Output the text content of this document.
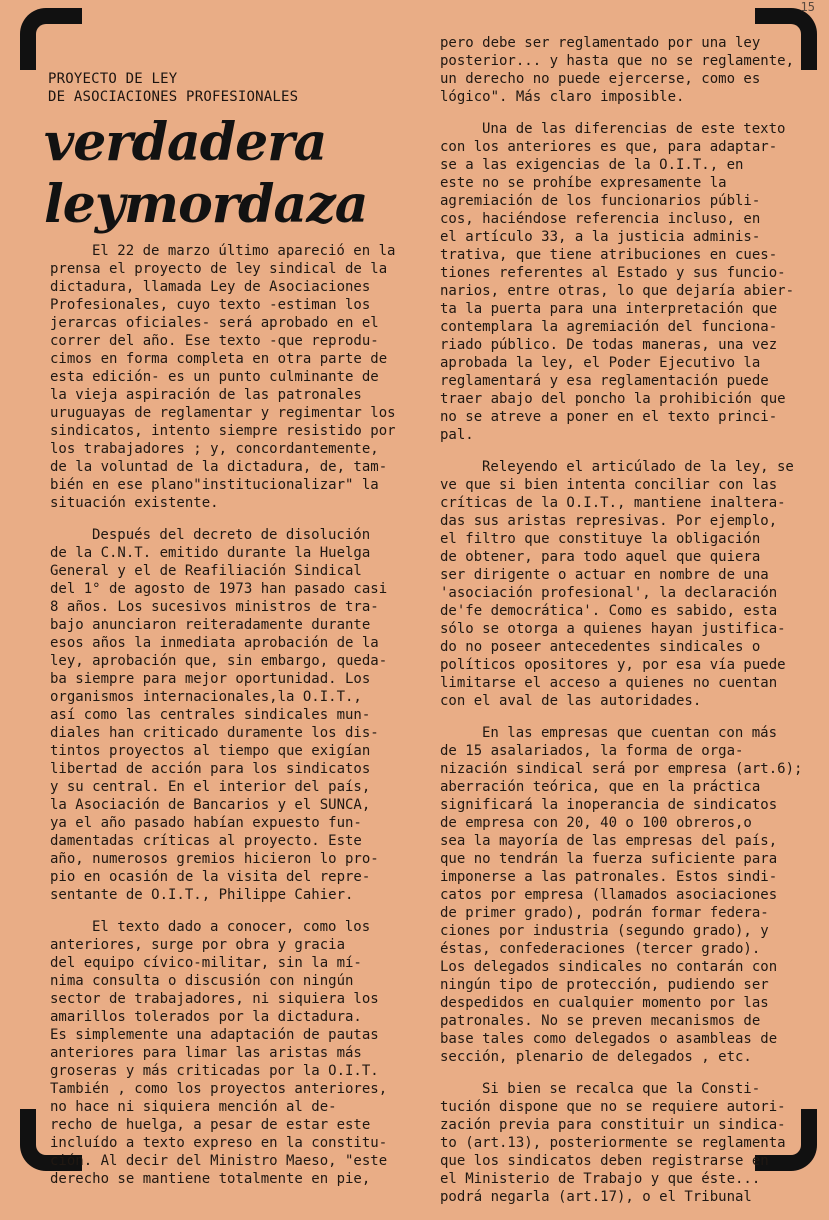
15
PROYECTO DE LEY
DE ASOCIACIONES PROFESIONALES
verdadera
leymordaza

El 22 de marzo último apareció en la
prensa el proyecto de ley sindical de la
dictadura, llamada Ley de Asociaciones
Profesionales, cuyo texto -estiman los
jerarcas oficiales- será aprobado en el
correr del año. Ese texto -que reprodu-
cimos en forma completa en otra parte de
esta edición- es un punto culminante de
la vieja aspiración de las patronales
uruguayas de reglamentar y regimentar los
sindicatos, intento siempre resistido por
los trabajadores ; y, concordantemente,
de la voluntad de la dictadura, de, tam-
bién en ese plano"institucionalizar" la
situación existente.

Después del decreto de disolución
de la C.N.T. emitido durante la Huelga
General y el de Reafiliación Sindical
del 1° de agosto de 1973 han pasado casi
8 años. Los sucesivos ministros de tra-
bajo anunciaron reiteradamente durante
esos años la inmediata aprobación de la
ley, aprobación que, sin embargo, queda-
ba siempre para mejor oportunidad. Los
organismos internacionales,la O.I.T.,
así como las centrales sindicales mun-
diales han criticado duramente los dis-
tintos proyectos al tiempo que exigían
libertad de acción para los sindicatos
y su central. En el interior del país,
la Asociación de Bancarios y el SUNCA,
ya el año pasado habían expuesto fun-
damentadas críticas al proyecto. Este
año, numerosos gremios hicieron lo pro-
pio en ocasión de la visita del repre-
sentante de O.I.T., Philippe Cahier.

El texto dado a conocer, como los
anteriores, surge por obra y gracia
del equipo cívico-militar, sin la mí-
nima consulta o discusión con ningún
sector de trabajadores, ni siquiera los
amarillos tolerados por la dictadura.
Es simplemente una adaptación de pautas
anteriores para limar las aristas más
groseras y más criticadas por la O.I.T.
También , como los proyectos anteriores,
no hace ni siquiera mención al de-
recho de huelga, a pesar de estar este
incluído a texto expreso en la constitu-
ción. Al decir del Ministro Maeso, "este
derecho se mantiene totalmente en pie,

pero debe ser reglamentado por una ley
posterior... y hasta que no se reglamente,
un derecho no puede ejercerse, como es
lógico". Más claro imposible.

Una de las diferencias de este texto
con los anteriores es que, para adaptar-
se a las exigencias de la O.I.T., en
este no se prohíbe expresamente la
agremiación de los funcionarios públi-
cos, haciéndose referencia incluso, en
el artículo 33, a la justicia adminis-
trativa, que tiene atribuciones en cues-
tiones referentes al Estado y sus funcio-
narios, entre otras, lo que dejaría abier-
ta la puerta para una interpretación que
contemplara la agremiación del funciona-
riado público. De todas maneras, una vez
aprobada la ley, el Poder Ejecutivo la
reglamentará y esa reglamentación puede
traer abajo del poncho la prohibición que
no se atreve a poner en el texto princi-
pal.

Releyendo el articúlado de la ley, se
ve que si bien intenta conciliar con las
críticas de la O.I.T., mantiene inaltera-
das sus aristas represivas. Por ejemplo,
el filtro que constituye la obligación
de obtener, para todo aquel que quiera
ser dirigente o actuar en nombre de una
'asociación profesional', la declaración
de'fe democrática'. Como es sabido, esta
sólo se otorga a quienes hayan justifica-
do no poseer antecedentes sindicales o
políticos opositores y, por esa vía puede
limitarse el acceso a quienes no cuentan
con el aval de las autoridades.

En las empresas que cuentan con más
de 15 asalariados, la forma de orga-
nización sindical será por empresa (art.6);
aberración teórica, que en la práctica
significará la inoperancia de sindicatos
de empresa con 20, 40 o 100 obreros,o
sea la mayoría de las empresas del país,
que no tendrán la fuerza suficiente para
imponerse a las patronales. Estos sindi-
catos por empresa (llamados asociaciones
de primer grado), podrán formar federa-
ciones por industria (segundo grado), y
éstas, confederaciones (tercer grado).
Los delegados sindicales no contarán con
ningún tipo de protección, pudiendo ser
despedidos en cualquier momento por las
patronales. No se preven mecanismos de
base tales como delegados o asambleas de
sección, plenario de delegados , etc.

Si bien se recalca que la Consti-
tución dispone que no se requiere autori-
zación previa para constituir un sindica-
to (art.13), posteriormente se reglamenta
que los sindicatos deben registrarse en
el Ministerio de Trabajo y que éste...
podrá negarla (art.17), o el Tribunal
